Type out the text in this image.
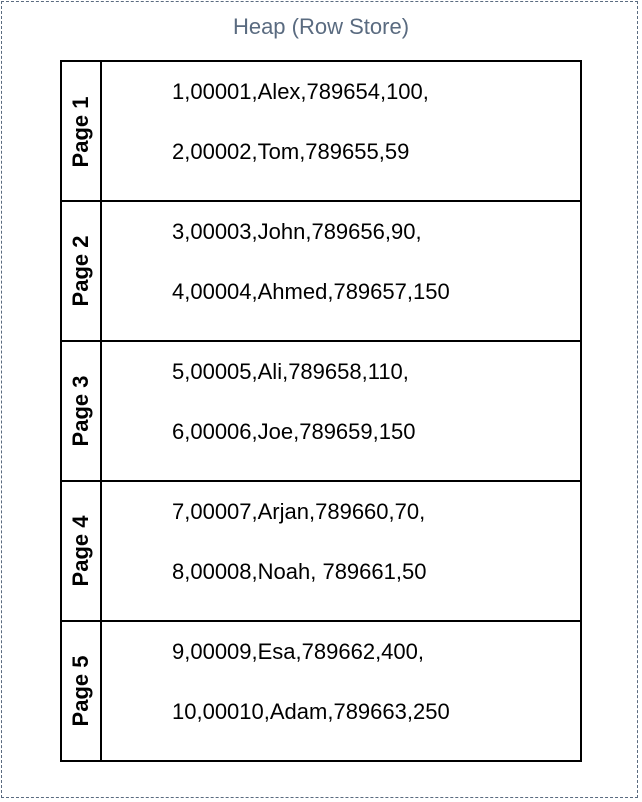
Heap (Row Store)
Page 1
1,00001,Alex,789654,100,
2,00002,Tom,789655,59
Page 2
3,00003,John,789656,90,
4,00004,Ahmed,789657,150
Page 3
5,00005,Ali,789658,110,
6,00006,Joe,789659,150
Page 4
7,00007,Arjan,789660,70,
8,00008,Noah, 789661,50
Page 5
9,00009,Esa,789662,400,
10,00010,Adam,789663,250
